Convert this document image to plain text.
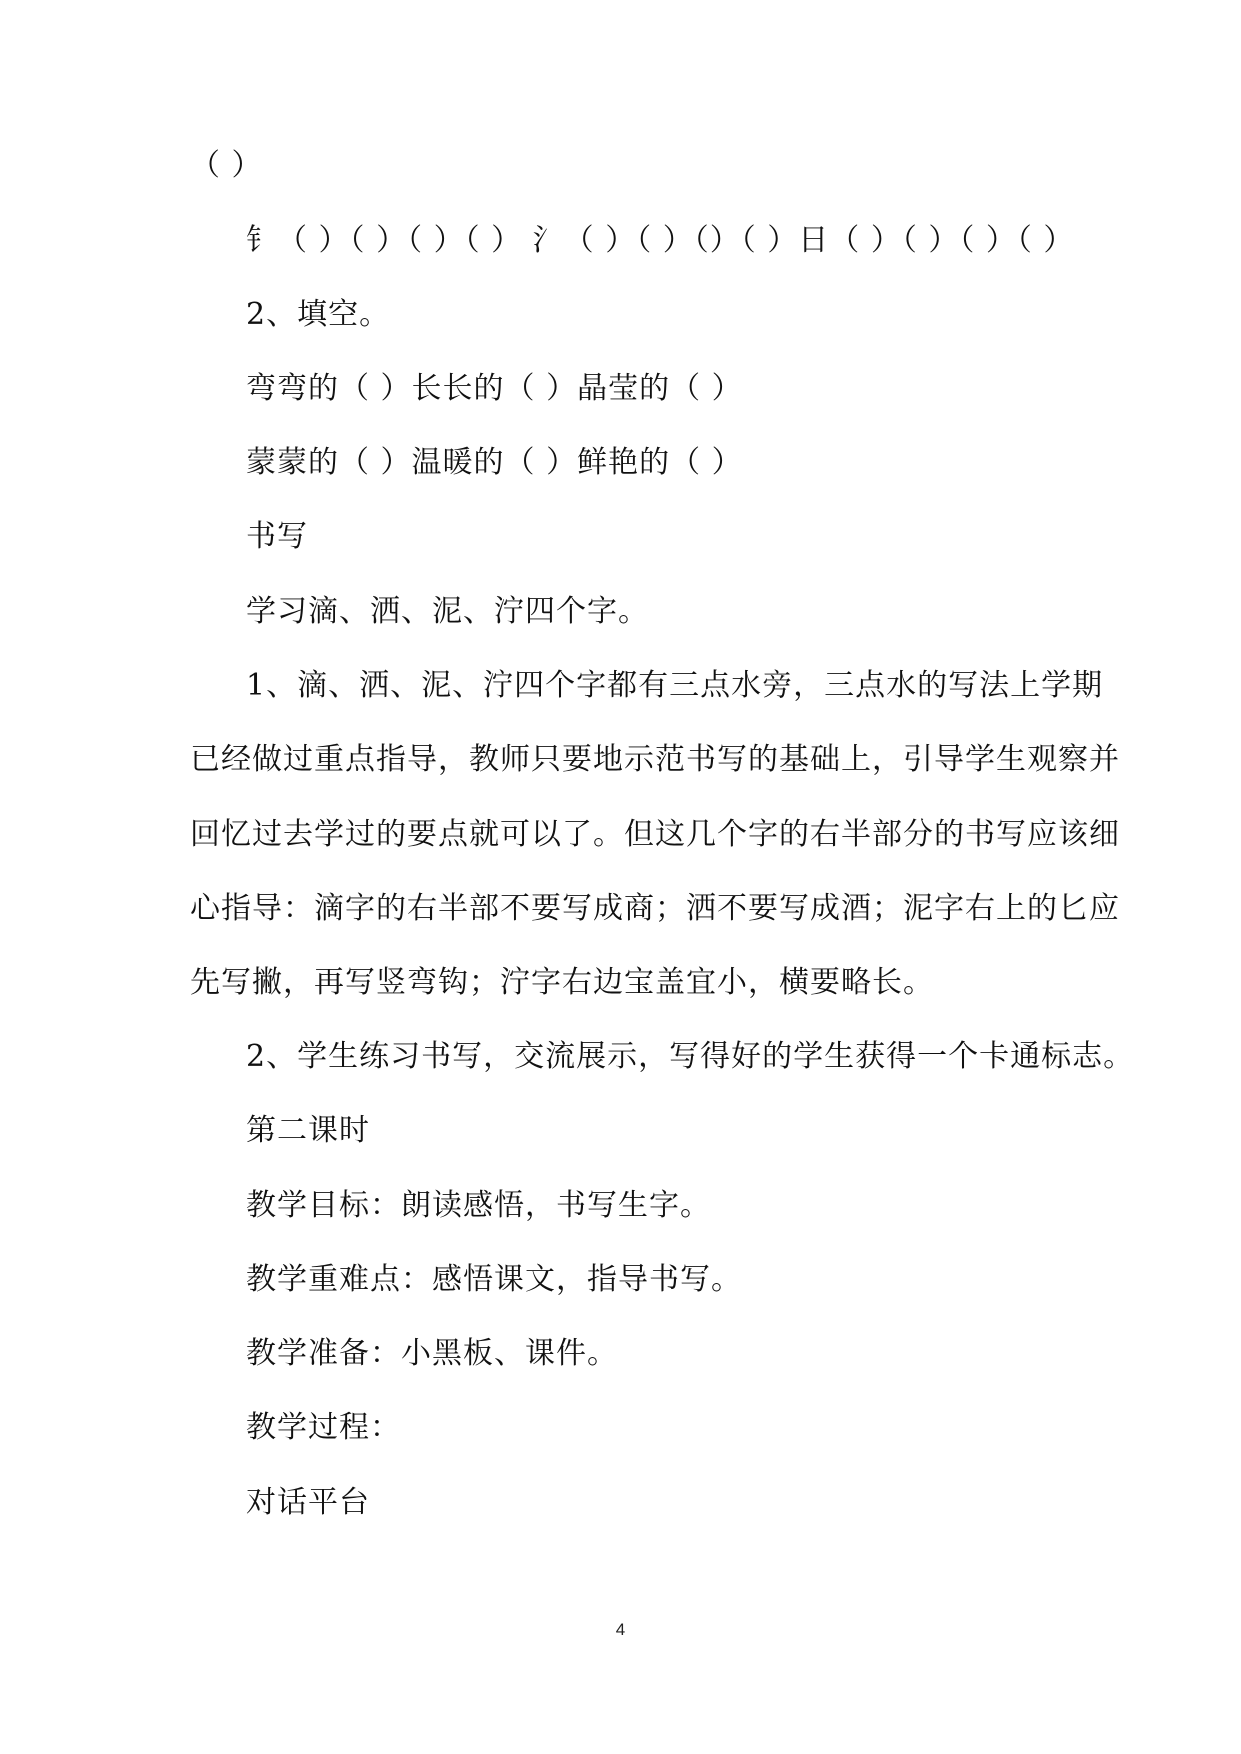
（ ）
钅（ ）（ ）（ ）（ ） 氵（ ）（ ）（）（ ）日（ ）（ ）（ ）（ ）
2、填空。
弯弯的（ ）长长的（ ）晶莹的（ ）
蒙蒙的（ ）温暖的（ ）鲜艳的（ ）
书写
学习滴、洒、泥、泞四个字。
1、滴、洒、泥、泞四个字都有三点水旁，三点水的写法上学期
已经做过重点指导，教师只要地示范书写的基础上，引导学生观察并
回忆过去学过的要点就可以了。但这几个字的右半部分的书写应该细
心指导：滴字的右半部不要写成商；洒不要写成酒；泥字右上的匕应
先写撇，再写竖弯钩；泞字右边宝盖宜小，横要略长。
2、学生练习书写，交流展示，写得好的学生获得一个卡通标志。
第二课时
教学目标：朗读感悟，书写生字。
教学重难点：感悟课文，指导书写。
教学准备：小黑板、课件。
教学过程：
对话平台
4
